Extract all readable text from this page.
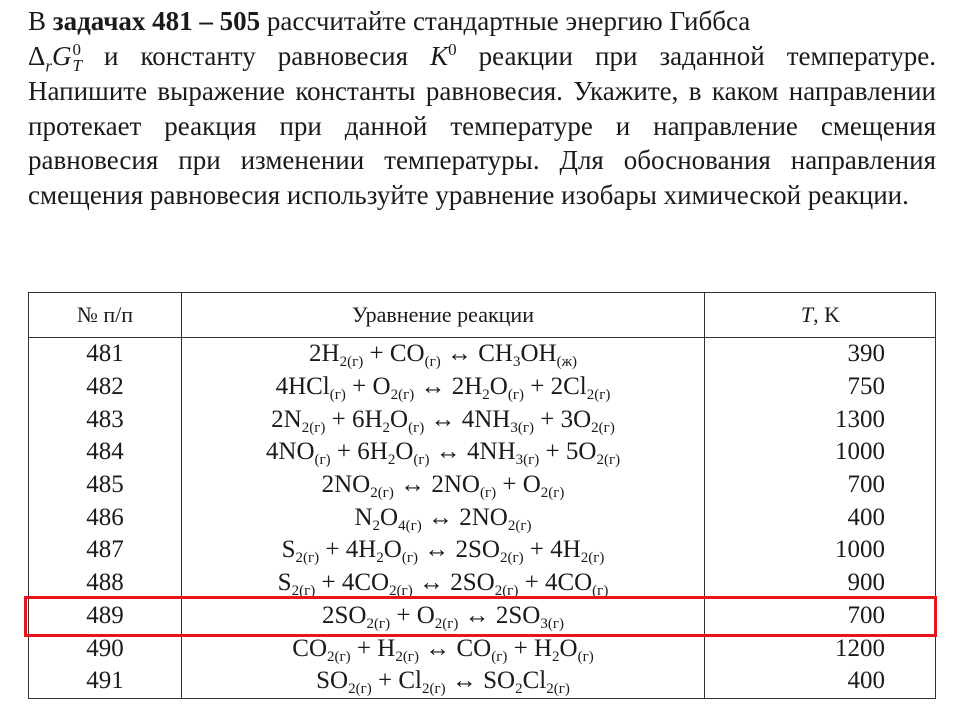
В задачах 481 – 505 рассчитайте стандартные энергию Гиббса
$\Delta_rG$ 0
T и константу равновесия $K^0$ реакции при заданной температуре. Напишите выражение константы равновесия. Укажите, в каком направлении протекает реакция при данной температуре и направление смещения равновесия при изменении температуры. Для обоснования направления смещения равновесия используйте уравнение изобары химической реакции.
№ п/п	Уравнение реакции	T, K
481	$2H_{2(г)} + CO_{(г)}$ ↔ $CH_3OH_{(ж)}$	390
482	$4HCl_{(г)} + O_{2(г)}$ ↔ $2H_2O_{(г)} + 2Cl_{2(г)}$	750
483	$2N_{2(г)} + 6H_2O_{(г)}$ ↔ $4NH_{3(г)} + 3O_{2(г)}$	1300
484	$4NO_{(г)} + 6H_2O_{(г)}$ ↔ $4NH_{3(г)} + 5O_{2(г)}$	1000
485	$2NO_{2(г)}$ ↔ $2NO_{(г)} + O_{2(г)}$	700
486	$N_2O_{4(г)}$ ↔ $2NO_{2(г)}$	400
487	$S_{2(г)} + 4H_2O_{(г)}$ ↔ $2SO_{2(г)} + 4H_{2(г)}$	1000
488	$S_{2(г)} + 4CO_{2(г)}$ ↔ $2SO_{2(г)} + 4CO_{(г)}$	900
489	$2SO_{2(г)} + O_{2(г)}$ ↔ $2SO_{3(г)}$	700
490	$CO_{2(г)} + H_{2(г)}$ ↔ $CO_{(г)} + H_2O_{(г)}$	1200
491	$SO_{2(г)} + Cl_{2(г)}$ ↔ $SO_2Cl_{2(г)}$	400
